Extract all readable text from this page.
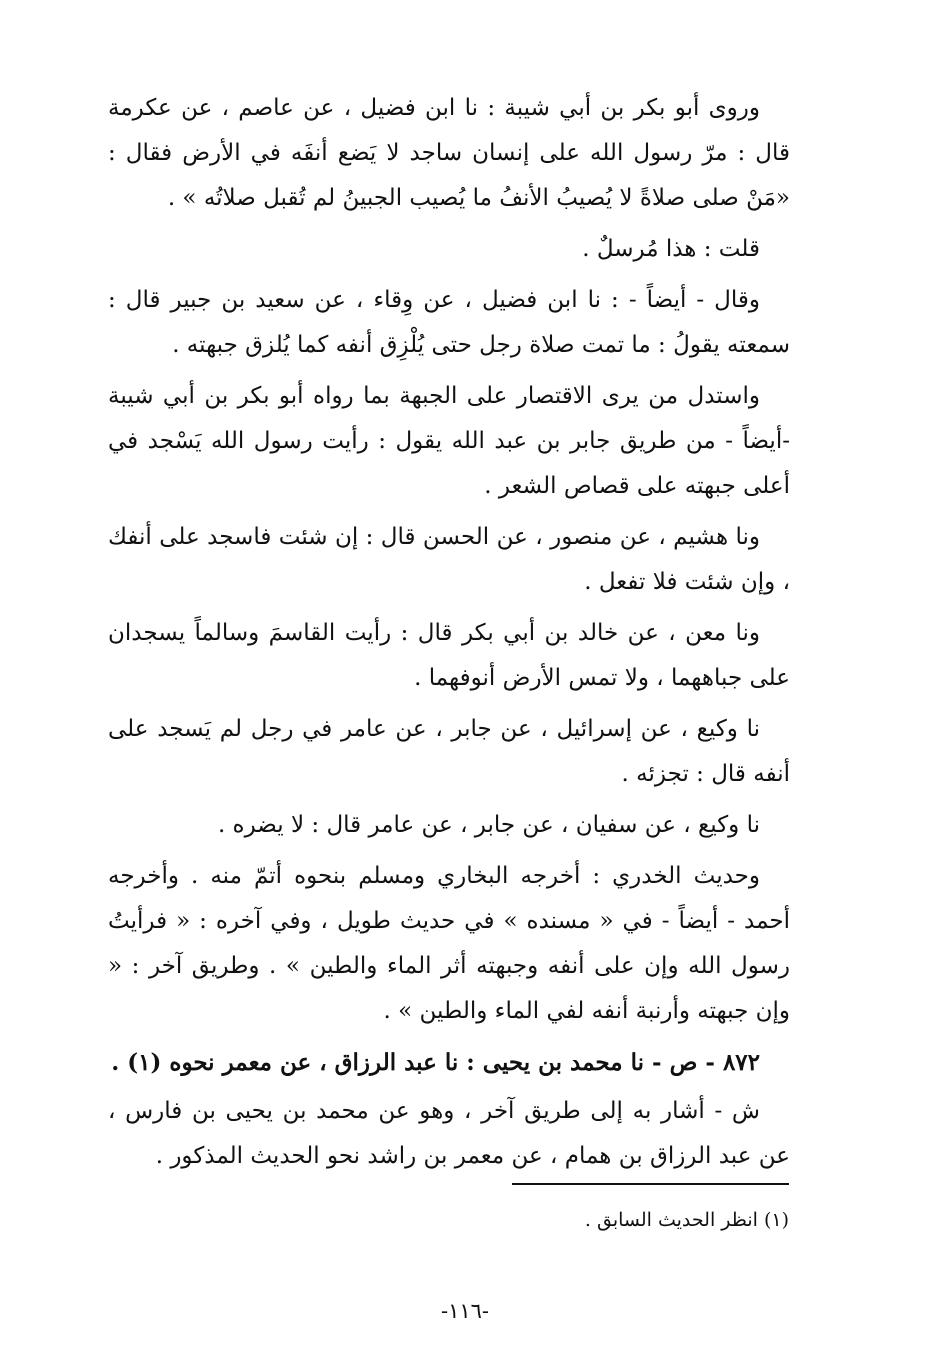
وروى أبو بكر بن أبي شيبة : نا ابن فضيل ، عن عاصم ، عن عكرمة قال : مرّ رسول الله على إنسان ساجد لا يَضع أنفَه في الأرض فقال : «مَنْ صلى صلاةً لا يُصيبُ الأنفُ ما يُصيب الجبينُ لم تُقبل صلاتُه » .

قلت : هذا مُرسلٌ .

وقال - أيضاً - : نا ابن فضيل ، عن وِقاء ، عن سعيد بن جبير قال : سمعته يقولُ : ما تمت صلاة رجل حتى يُلْزِق أنفه كما يُلزق جبهته .

واستدل من يرى الاقتصار على الجبهة بما رواه أبو بكر بن أبي شيبة -أيضاً - من طريق جابر بن عبد الله يقول : رأيت رسول الله يَسْجد في أعلى جبهته على قصاص الشعر .

ونا هشيم ، عن منصور ، عن الحسن قال : إن شئت فاسجد على أنفك ، وإن شئت فلا تفعل .

ونا معن ، عن خالد بن أبي بكر قال : رأيت القاسمَ وسالماً يسجدان على جباههما ، ولا تمس الأرض أنوفهما .

نا وكيع ، عن إسرائيل ، عن جابر ، عن عامر في رجل لم يَسجد على أنفه قال : تجزئه .

نا وكيع ، عن سفيان ، عن جابر ، عن عامر قال : لا يضره .

وحديث الخدري : أخرجه البخاري ومسلم بنحوه أتمّ منه . وأخرجه أحمد - أيضاً - في « مسنده » في حديث طويل ، وفي آخره : « فرأيتُ رسول الله وإن على أنفه وجبهته أثر الماء والطين » . وطريق آخر : « وإن جبهته وأرنبة أنفه لفي الماء والطين » .

٨٧٢ - ص - نا محمد بن يحيى : نا عبد الرزاق ، عن معمر نحوه (١) .

ش - أشار به إلى طريق آخر ، وهو عن محمد بن يحيى بن فارس ، عن عبد الرزاق بن همام ، عن معمر بن راشد نحو الحديث المذكور .

(١) انظر الحديث السابق .
-١١٦-
